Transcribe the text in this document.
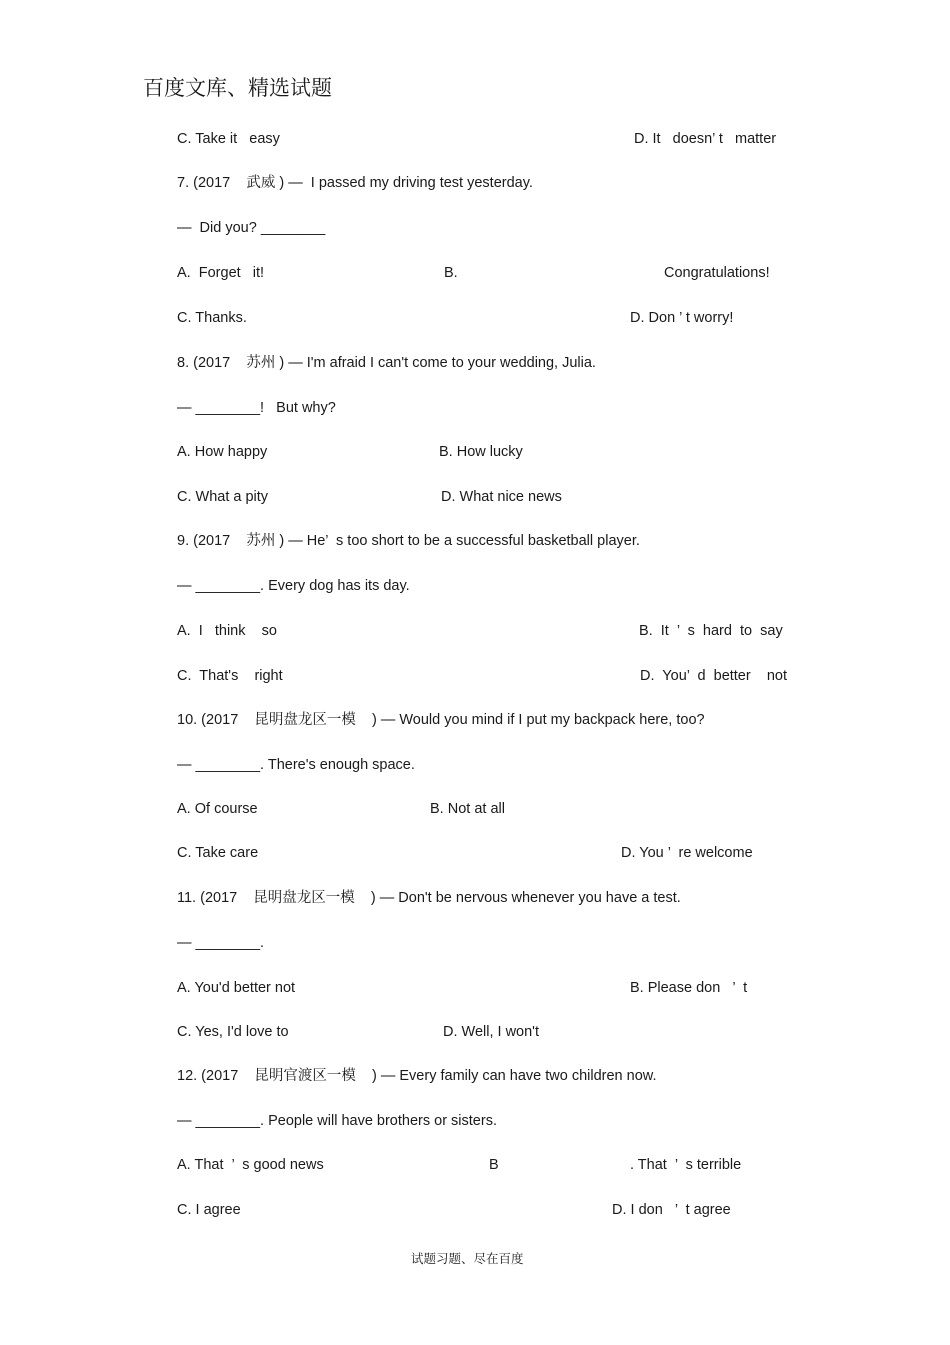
百度文库、精选试题
C. Take it   easy	D. It   doesn’ t   matter
7. (2017    武威 ) —  I passed my driving test yesterday.
—  Did you? ________
A.  Forget   it!	B.	Congratulations!
C. Thanks.	D. Don ’ t worry!
8. (2017    苏州 ) — I'm afraid I can't come to your wedding, Julia.
— ________!   But why?
A. How happy	B. How lucky
C. What a pity	D. What nice news
9. (2017    苏州 ) — He’  s too short to be a successful basketball player.
— ________. Every dog has its day.
A.  I   think    so	B.  It  ’  s  hard  to  say
C.  That's    right	D.  You’  d  better    not
10. (2017    昆明盘龙区一模    ) — Would you mind if I put my backpack here, too?
— ________. There's enough space.
A. Of course	B. Not at all
C. Take care	D. You ’  re welcome
11. (2017    昆明盘龙区一模    ) — Don't be nervous whenever you have a test.
— ________.
A. You'd better not	B. Please don   ’  t
C. Yes, I'd love to	D. Well, I won't
12. (2017    昆明官渡区一模    ) — Every family can have two children now.
— ________. People will have brothers or sisters.
A. That  ’  s good news	B	. That  ’  s terrible
C. I agree	D. I don   ’  t agree
试题习题、尽在百度
